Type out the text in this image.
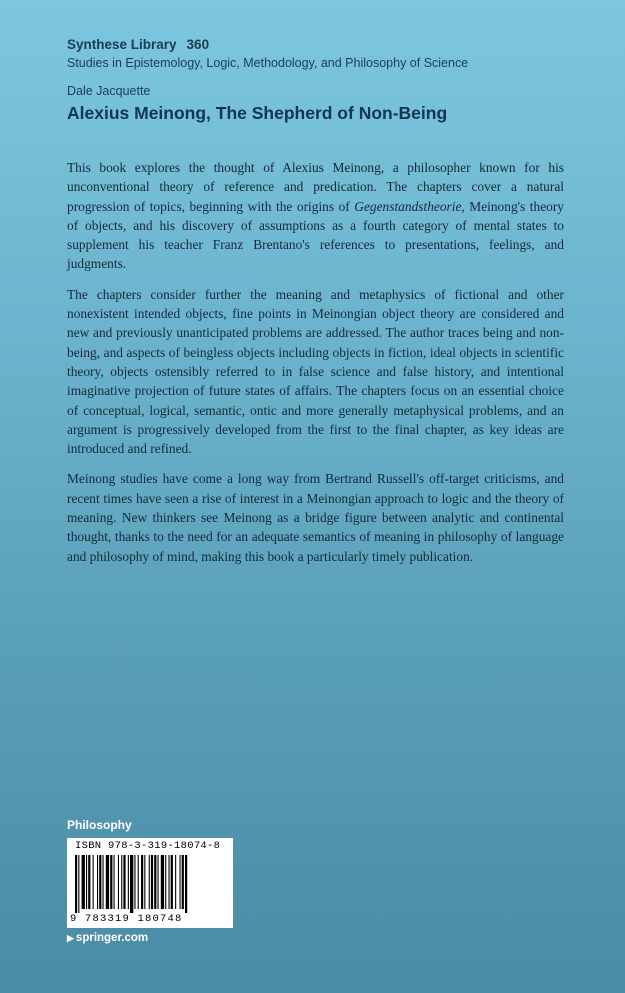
Synthese Library 360
Studies in Epistemology, Logic, Methodology, and Philosophy of Science
Dale Jacquette
Alexius Meinong, The Shepherd of Non-Being

This book explores the thought of Alexius Meinong, a philosopher known for his unconventional theory of reference and predication. The chapters cover a natural progression of topics, beginning with the origins of Gegenstandstheorie, Meinong's theory of objects, and his discovery of assumptions as a fourth category of mental states to supplement his teacher Franz Brentano's references to presentations, feelings, and judgments.

The chapters consider further the meaning and metaphysics of fictional and other nonexistent intended objects, fine points in Meinongian object theory are considered and new and previously unanticipated problems are addressed. The author traces being and non-being, and aspects of beingless objects including objects in fiction, ideal objects in scientific theory, objects ostensibly referred to in false science and false history, and intentional imaginative projection of future states of affairs. The chapters focus on an essential choice of conceptual, logical, semantic, ontic and more generally metaphysical problems, and an argument is progressively developed from the first to the final chapter, as key ideas are introduced and refined.

Meinong studies have come a long way from Bertrand Russell's off-target criticisms, and recent times have seen a rise of interest in a Meinongian approach to logic and the theory of meaning. New thinkers see Meinong as a bridge figure between analytic and continental thought, thanks to the need for an adequate semantics of meaning in philosophy of language and philosophy of mind, making this book a particularly timely publication.

Philosophy
ISBN 978-3-319-18074-8
9 783319 180748
▶ springer.com
